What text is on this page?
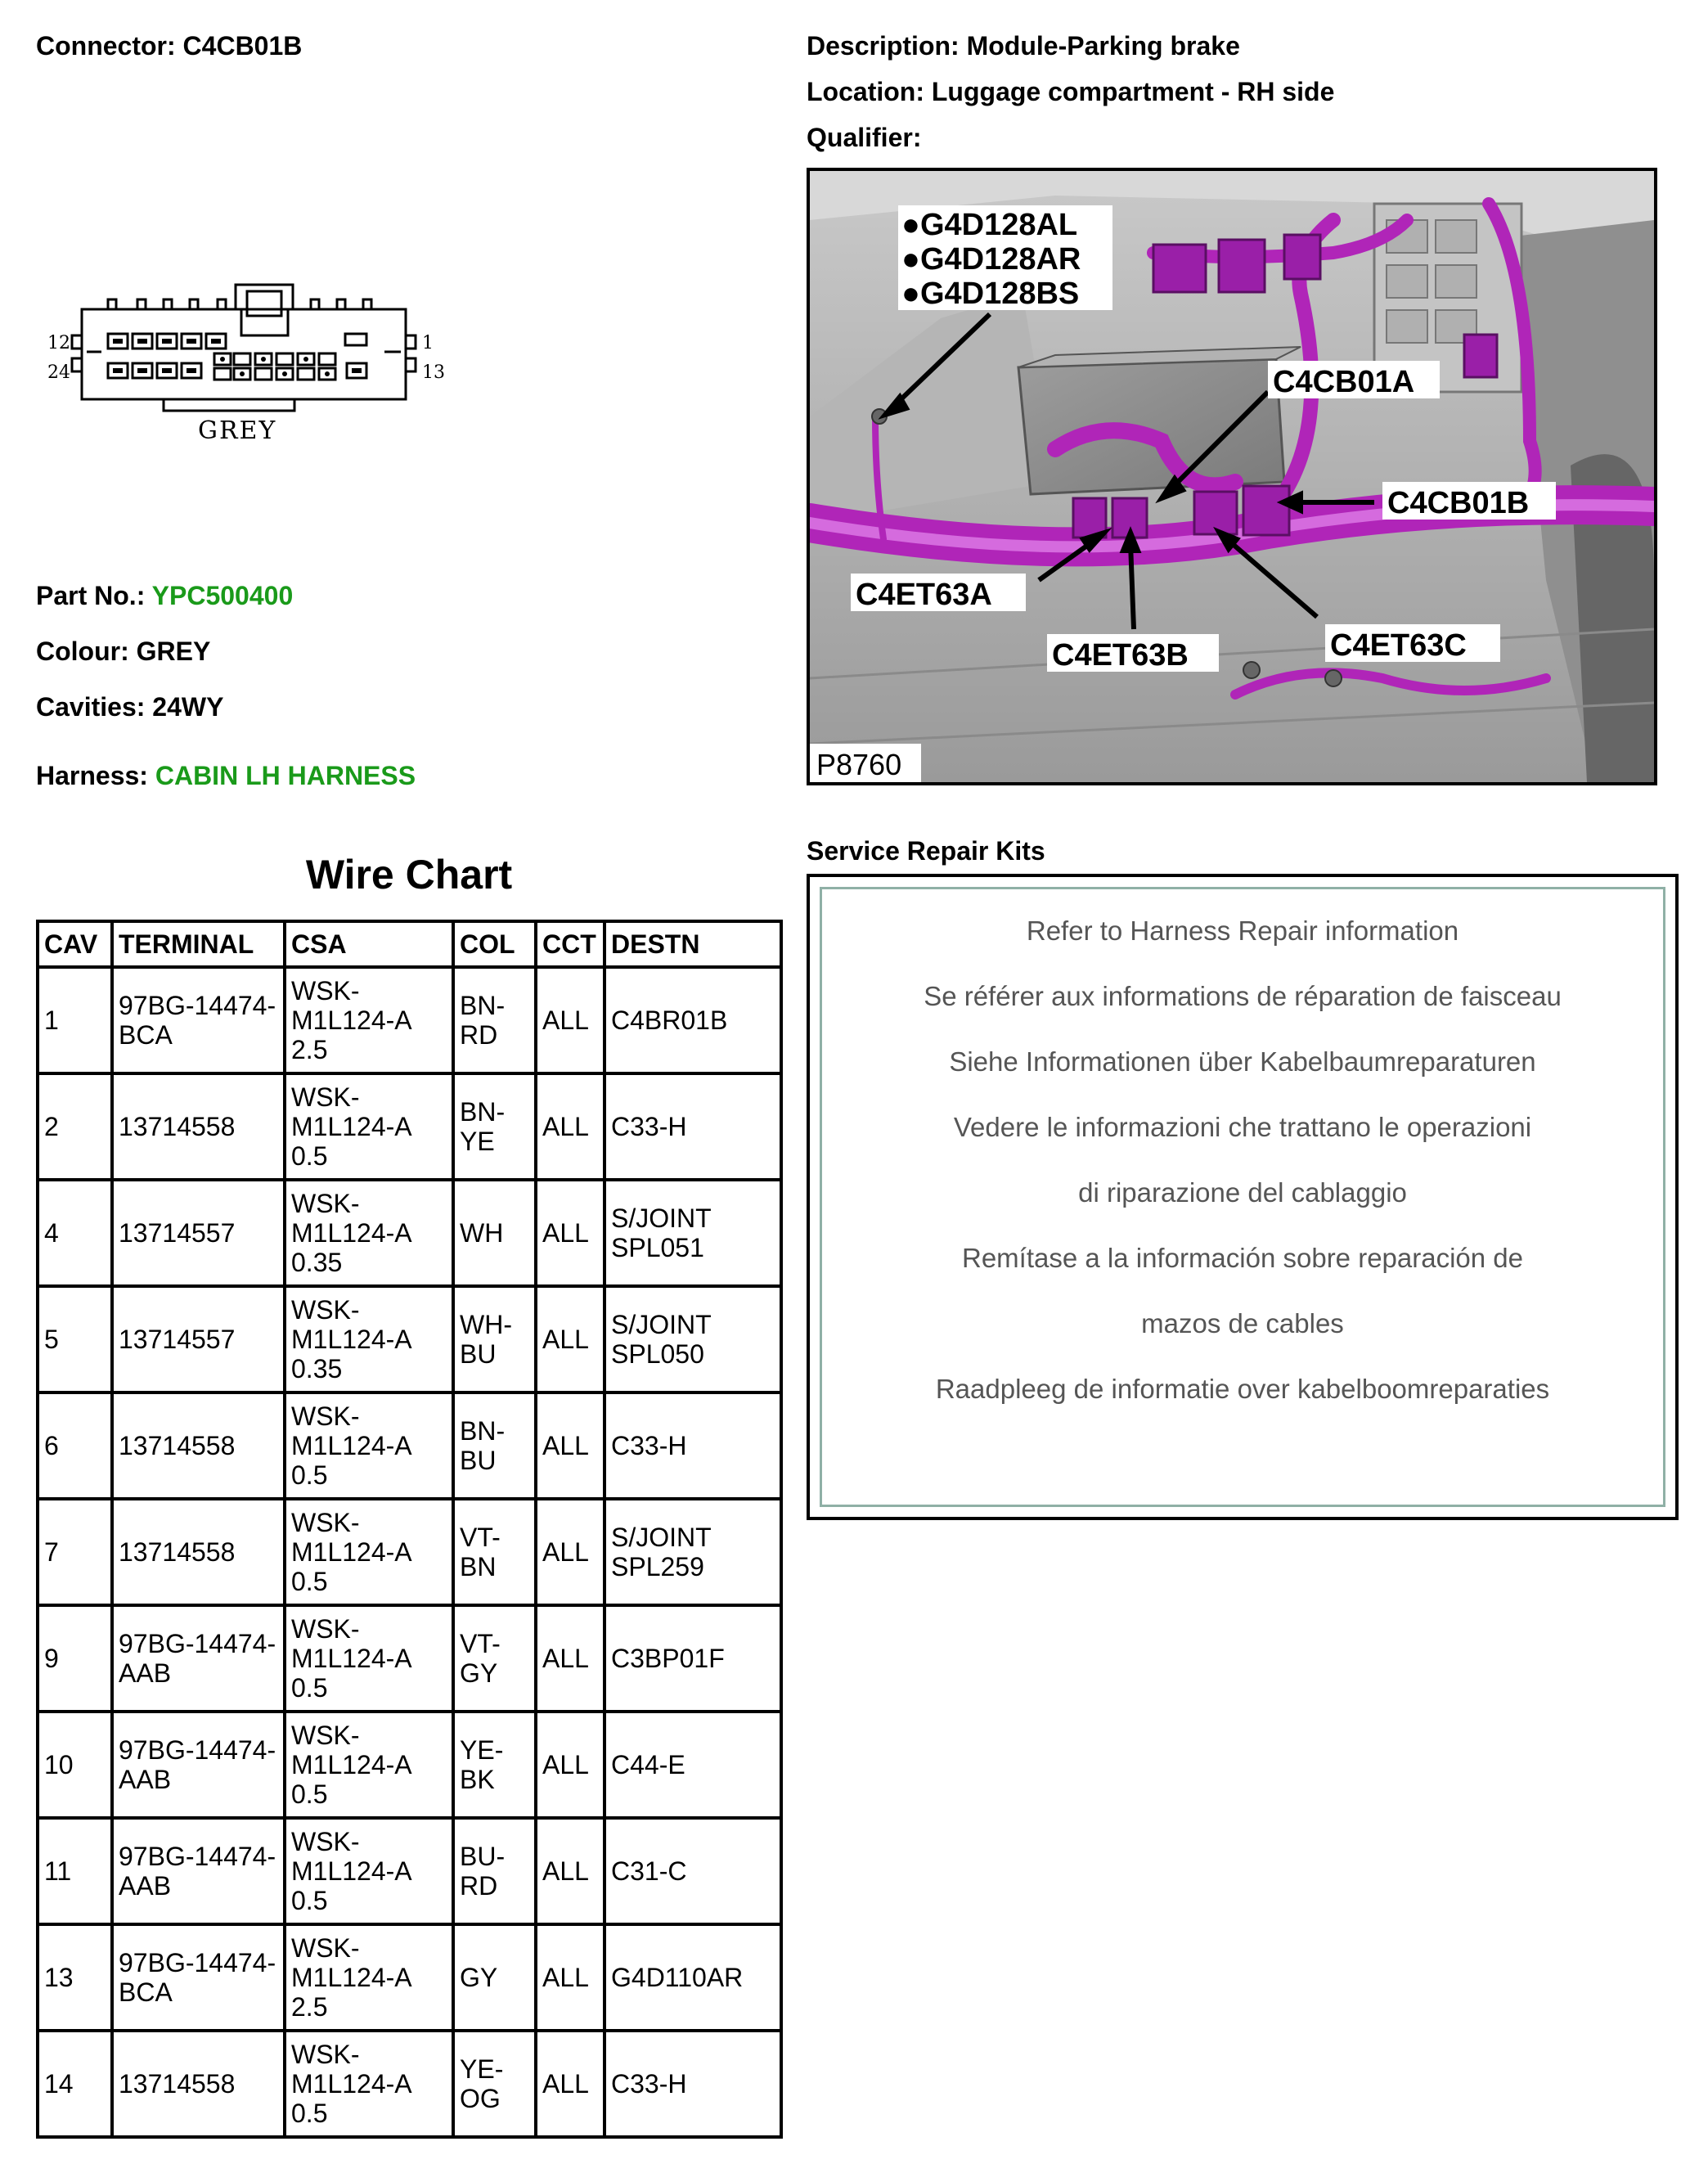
Connector: C4CB01B	Description: Module-Parking brake
Location: Luggage compartment - RH side
Qualifier:
12	1
24	13
GREY
Part No.: YPC500400
Colour: GREY
Cavities: 24WY
Harness: CABIN LH HARNESS
●G4D128AL
●G4D128AR
●G4D128BS
C4CB01A
C4CB01B
C4ET63A
C4ET63B	C4ET63C
P8760
Wire Chart
CAV	TERMINAL	CSA	COL	CCT	DESTN
1	97BG-14474-
BCA	WSK-
M1L124-A
2.5	BN-
RD	ALL	C4BR01B

2	13714558	WSK-
M1L124-A
0.5	BN-
YE	ALL	C33-H

4	13714557	WSK-
M1L124-A
0.35	WH	ALL	S/JOINT
SPL051

5	13714557	WSK-
M1L124-A
0.35	WH-
BU	ALL	S/JOINT
SPL050

6	13714558	WSK-
M1L124-A
0.5	BN-
BU	ALL	C33-H

7	13714558	WSK-
M1L124-A
0.5	VT-
BN	ALL	S/JOINT
SPL259

9	97BG-14474-
AAB	WSK-
M1L124-A
0.5	VT-
GY	ALL	C3BP01F

10	97BG-14474-
AAB	WSK-
M1L124-A
0.5	YE-
BK	ALL	C44-E

11	97BG-14474-
AAB	WSK-
M1L124-A
0.5	BU-
RD	ALL	C31-C

13	97BG-14474-
BCA	WSK-
M1L124-A
2.5	GY	ALL	G4D110AR

14	13714558	WSK-
M1L124-A
0.5	YE-
OG	ALL	C33-H
Service Repair Kits
Refer to Harness Repair information
Se référer aux informations de réparation de faisceau
Siehe Informationen über Kabelbaumreparaturen
Vedere le informazioni che trattano le operazioni
di riparazione del cablaggio
Remítase a la información sobre reparación de
mazos de cables
Raadpleeg de informatie over kabelboomreparaties
